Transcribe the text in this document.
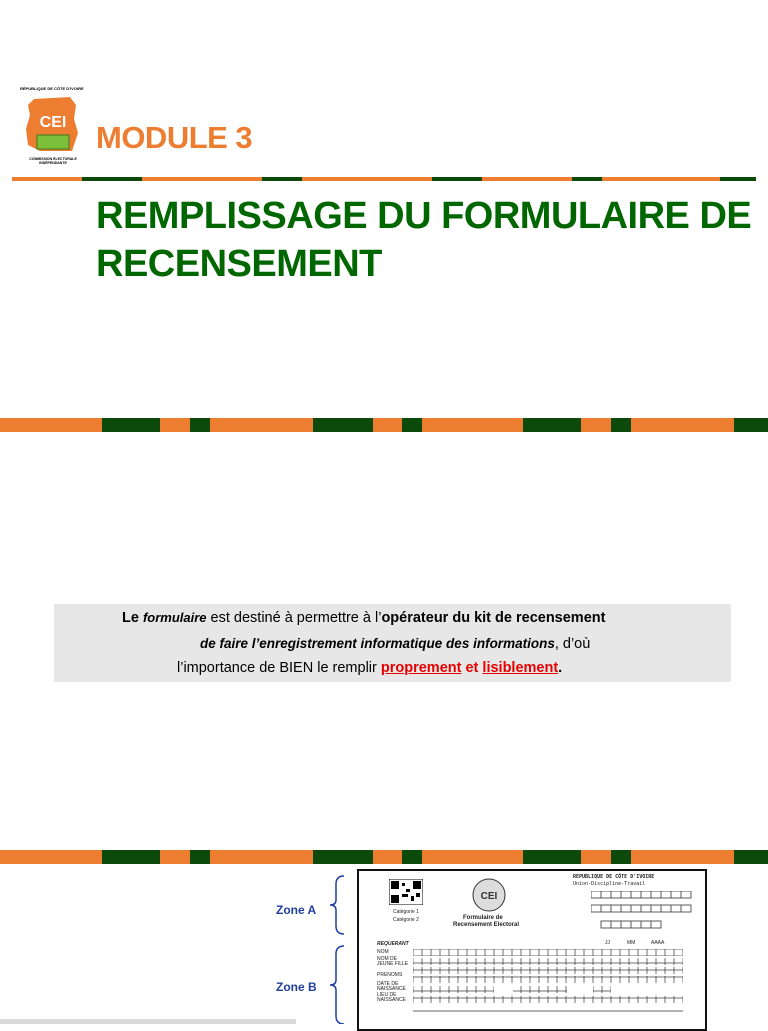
RÉPUBLIQUE DE CÔTE D'IVOIRE
CEI
COMMISSION ÉLECTORALE INDÉPENDANTE
MODULE 3
REMPLISSAGE DU FORMULAIRE DE RECENSEMENT
Le formulaire est destiné à permettre à l’opérateur du kit de recensement
de faire l’enregistrement informatique des informations, d’où
l’importance de BIEN le remplir proprement et lisiblement.
Zone A
Zone B
Catégorie 1
Catégorie 2
CEI
Formulaire de
Recensement Electoral
REPUBLIQUE DE CÔTE D'IVOIRE
Union-Discipline-Travail
REQUERANT	JJ	MM	AAAA
NOM
NOM DE JEUNE FILLE
PRENOMS
DATE DE NAISSANCE
LIEU DE NAISSANCE
